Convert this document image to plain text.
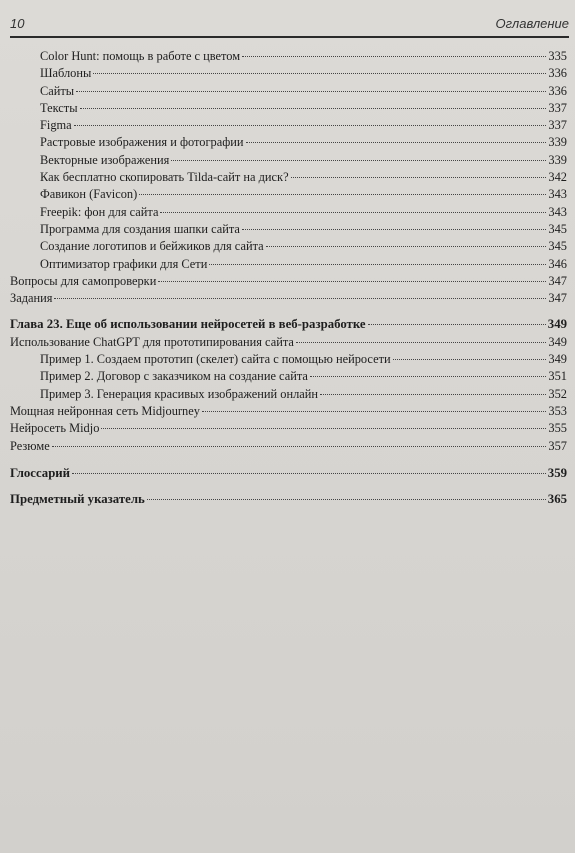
10	Оглавление
Color Hunt: помощь в работе с цветом	335
Шаблоны	336
Сайты	336
Тексты	337
Figma	337
Растровые изображения и фотографии	339
Векторные изображения	339
Как бесплатно скопировать Tilda-сайт на диск?	342
Фавикон (Favicon)	343
Freepik: фон для сайта	343
Программа для создания шапки сайта	345
Создание логотипов и бейжиков для сайта	345
Оптимизатор графики для Сети	346
Вопросы для самопроверки	347
Задания	347
Глава 23. Еще об использовании нейросетей в веб-разработке	349
Использование ChatGPT для прототипирования сайта	349
Пример 1. Создаем прототип (скелет) сайта с помощью нейросети	349
Пример 2. Договор с заказчиком на создание сайта	351
Пример 3. Генерация красивых изображений онлайн	352
Мощная нейронная сеть Midjourney	353
Нейросеть Midjo	355
Резюме	357
Глоссарий	359
Предметный указатель	365
